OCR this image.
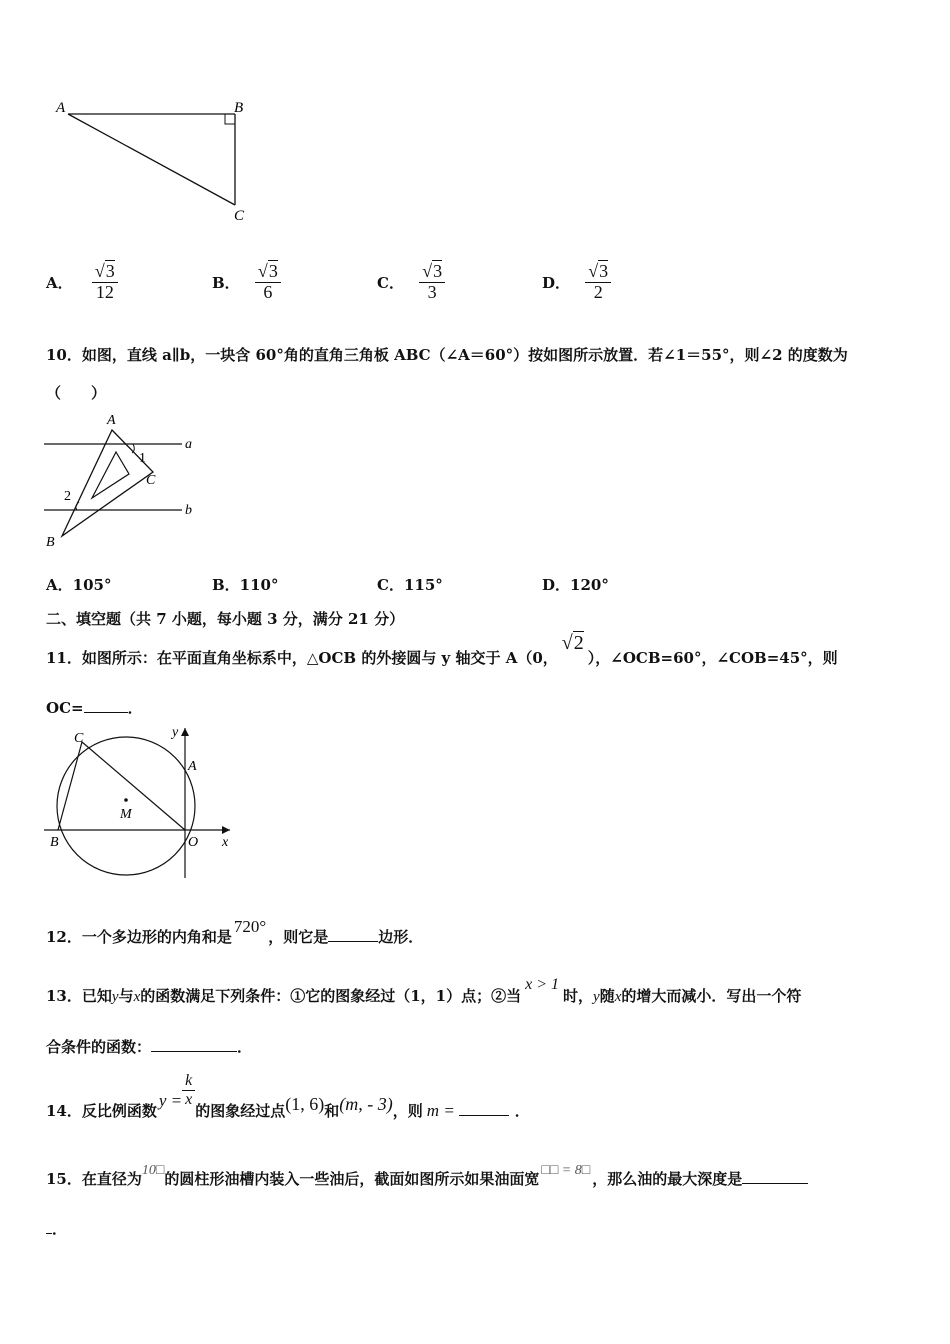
A	B
C
A． $\frac{√3}{12}$	B． $\frac{√3}{6}$	C． $\frac{√3}{3}$	D． $\frac{√3}{2}$
10．如图，直线 a∥b，一块含 60°角的直角三角板 ABC（∠A＝60°）按如图所示放置．若∠1＝55°，则∠2 的度数为
（　　）
A
a
1
C
2
b
B
A．105°	B．110°	C．115°	D．120°
二、填空题（共 7 小题，每小题 3 分，满分 21 分）
11．如图所示：在平面直角坐标系中，△OCB 的外接圆与 y 轴交于 A（0，√2），∠OCB=60°，∠COB=45°，则
OC=	．
C	y
A
M
B	O x
12．一个多边形的内角和是720°，则它是	边形．
13．已知y与x的函数满足下列条件：①它的图象经过（1，1）点；②当x > 1时，y随x的增大而减小．写出一个符
合条件的函数：	．
14．反比例函数$y = \frac{k}{x}$
的图象经过点(1, 6)和(m, - 3)，则 m =	．
15．在直径为10□的圆柱形油槽内装入一些油后，截面如图所示如果油面宽 □□ = 8□ ，那么油的最大深度是
．
